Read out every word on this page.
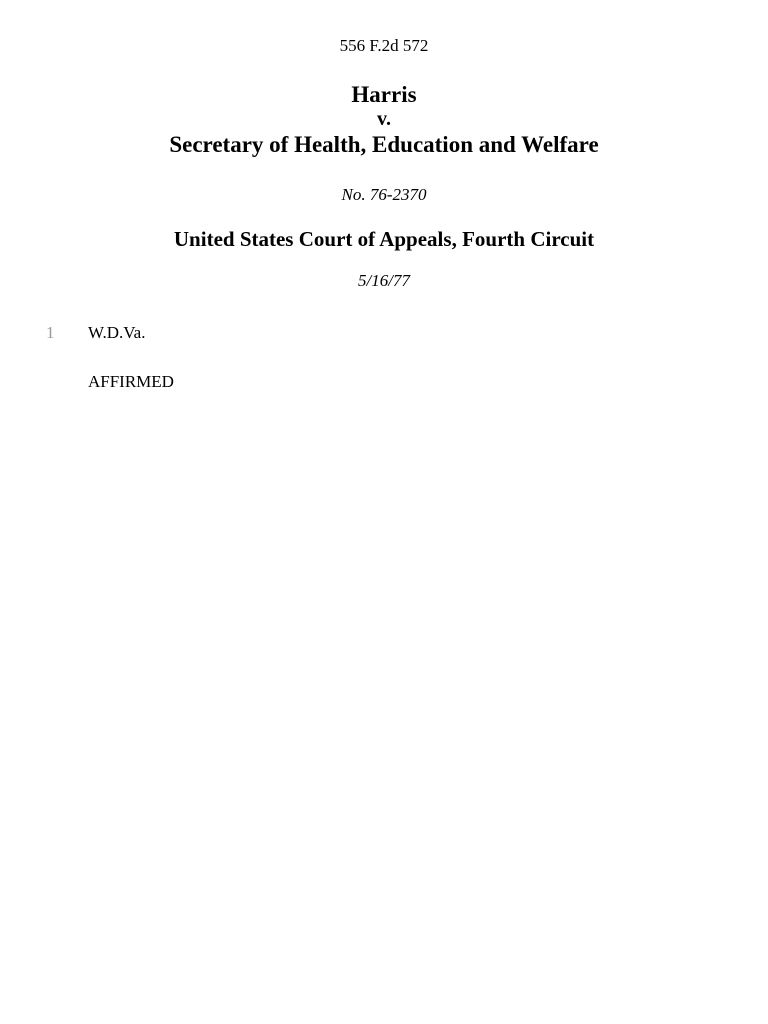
556 F.2d 572
Harris
v.
Secretary of Health, Education and Welfare
No. 76-2370
United States Court of Appeals, Fourth Circuit
5/16/77
1 W.D.Va.
AFFIRMED
